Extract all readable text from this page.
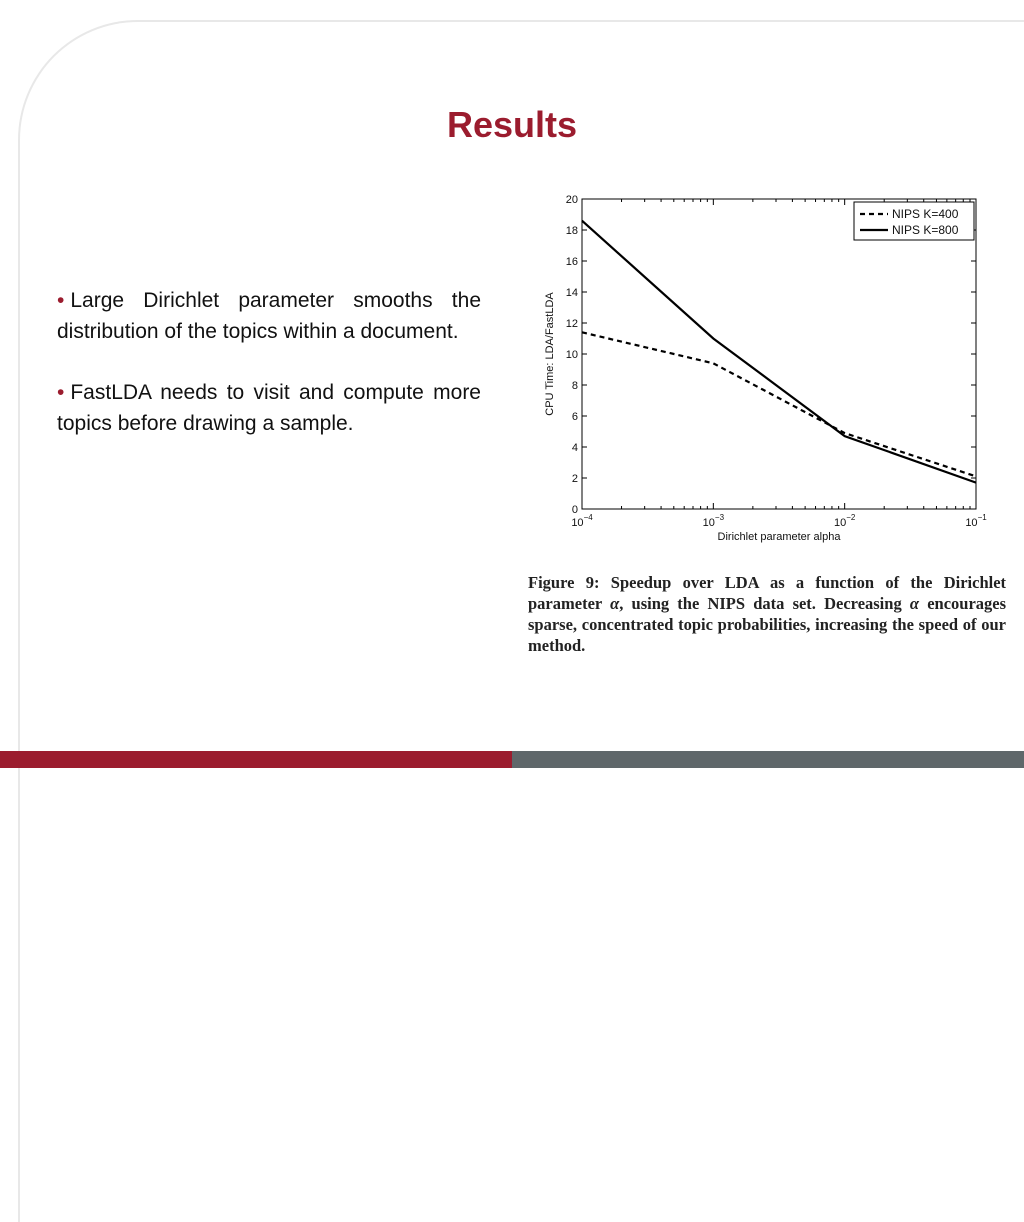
Results

• Large Dirichlet parameter smooths the distribution of the topics within a document.

• FastLDA needs to visit and compute more topics before drawing a sample.

0
2
4
6
8
10
12
14
16
18
20
$10^{-4}$	$10^{-3}$	$10^{-2}$	$10^{-1}$
Dirichlet parameter alpha
CPU Time: LDA/FastLDA
NIPS K=400
NIPS K=800

Figure 9: Speedup over LDA as a function of the Dirichlet parameter α, using the NIPS data set. Decreasing α encourages sparse, concentrated topic probabilities, increasing the speed of our method.
